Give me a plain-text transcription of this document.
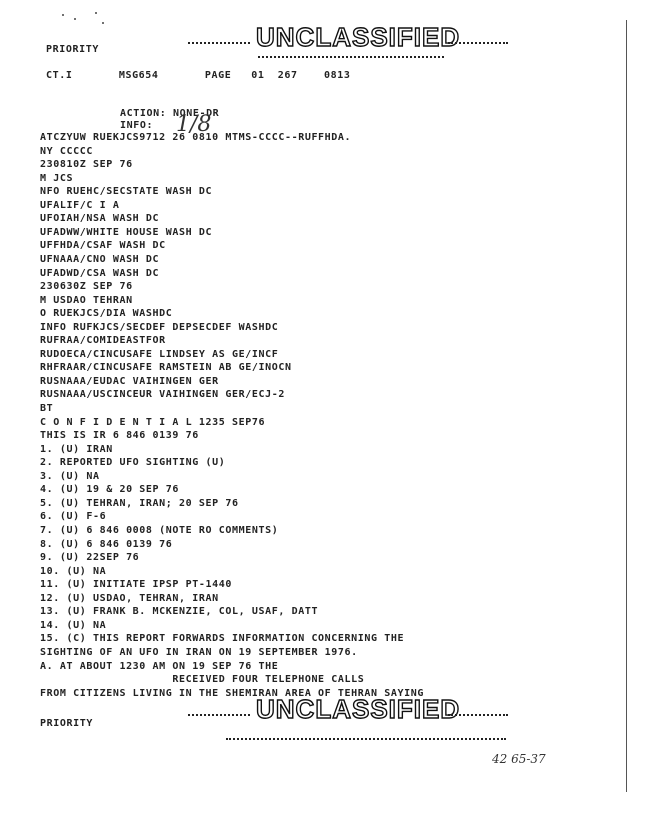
PRIORITY	UNCLASSIFIED
CT.I       MSG654       PAGE   01  267    0813
ACTION: NONE-DR
INFO: 1/8
ATCZYUW RUEKJCS9712 26 0810 MTMS-CCCC--RUFFHDA.
NY CCCCC
230810Z SEP 76
M JCS
NFO RUEHC/SECSTATE WASH DC
UFALIF/C I A
UFOIAH/NSA WASH DC
UFADWW/WHITE HOUSE WASH DC
UFFHDA/CSAF WASH DC
UFNAAA/CNO WASH DC
UFADWD/CSA WASH DC
230630Z SEP 76
M USDAO TEHRAN
O RUEKJCS/DIA WASHDC
INFO RUFKJCS/SECDEF DEPSECDEF WASHDC
RUFRAA/COMIDEASTFOR
RUDOECA/CINCUSAFE LINDSEY AS GE/INCF
RHFRAAR/CINCUSAFE RAMSTEIN AB GE/INOCN
RUSNAAA/EUDAC VAIHINGEN GER
RUSNAAA/USCINCEUR VAIHINGEN GER/ECJ-2
BT
C O N F I D E N T I A L 1235 SEP76
THIS IS IR 6 846 0139 76
1. (U) IRAN
2. REPORTED UFO SIGHTING (U)
3. (U) NA
4. (U) 19 & 20 SEP 76
5. (U) TEHRAN, IRAN; 20 SEP 76
6. (U) F-6
7. (U) 6 846 0008 (NOTE RO COMMENTS)
8. (U) 6 846 0139 76
9. (U) 22SEP 76
10. (U) NA
11. (U) INITIATE IPSP PT-1440
12. (U) USDAO, TEHRAN, IRAN
13. (U) FRANK B. MCKENZIE, COL, USAF, DATT
14. (U) NA
15. (C) THIS REPORT FORWARDS INFORMATION CONCERNING THE
SIGHTING OF AN UFO IN IRAN ON 19 SEPTEMBER 1976.
A. AT ABOUT 1230 AM ON 19 SEP 76 THE
RECEIVED FOUR TELEPHONE CALLS
FROM CITIZENS LIVING IN THE SHEMIRAN AREA OF TEHRAN SAYING
PRIORITY	UNCLASSIFIED
42 65-37
